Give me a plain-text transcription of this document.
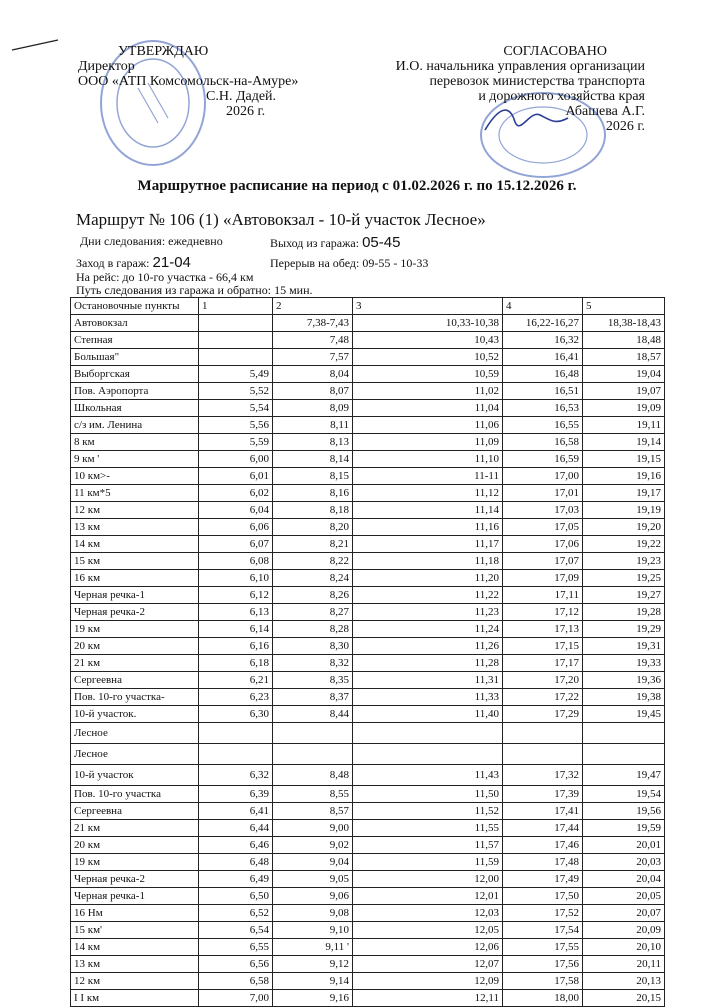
УТВЕРЖДАЮ
Директор
ООО «АТП Комсомольск-на-Амуре»
С.Н. Дадей.
2026 г.
СОГЛАСОВАНО
И.О. начальника управления организации
перевозок министерства транспорта
и дорожного хозяйства края
Абашева А.Г.
2026 г.
Маршрутное расписание на период с 01.02.2026 г. по 15.12.2026 г.
Маршрут № 106 (1) «Автовокзал - 10-й участок Лесное»
Дни следования: ежедневно	Выход из гаража: 05-45
Заход в гараж: 21-04	Перерыв на обед: 09-55 - 10-33
На рейс: до 10-го участка - 66,4 км
Путь следования из гаража и обратно: 15 мин.
Остановочные пункты	1	2	3	4	5
Автовокзал		7,38-7,43	10,33-10,38	16,22-16,27	18,38-18,43
Степная		7,48	10,43	16,32	18,48
Большая"		7,57	10,52	16,41	18,57
Выборгская	5,49	8,04	10,59	16,48	19,04
Пов. Аэропорта	5,52	8,07	11,02	16,51	19,07
Школьная	5,54	8,09	11,04	16,53	19,09
с/з им. Ленина	5,56	8,11	11,06	16,55	19,11
8 км	5,59	8,13	11,09	16,58	19,14
9 км '	6,00	8,14	11,10	16,59	19,15
10 км>-	6,01	8,15	11-11	17,00	19,16
11 км*5	6,02	8,16	11,12	17,01	19,17
12 км	6,04	8,18	11,14	17,03	19,19
13 км	6,06	8,20	11,16	17,05	19,20
14 км	6,07	8,21	11,17	17,06	19,22
15 км	6,08	8,22	11,18	17,07	19,23
16 км	6,10	8,24	11,20	17,09	19,25
Черная речка-1	6,12	8,26	11,22	17,11	19,27
Черная речка-2	6,13	8,27	11,23	17,12	19,28
19 км	6,14	8,28	11,24	17,13	19,29
20 км	6,16	8,30	11,26	17,15	19,31
21 км	6,18	8,32	11,28	17,17	19,33
Сергеевна	6,21	8,35	11,31	17,20	19,36
Пов. 10-го участка-	6,23	8,37	11,33	17,22	19,38
10-й участок.	6,30	8,44	11,40	17,29	19,45
Лесное					
Лесное					
10-й участок	6,32	8,48	11,43	17,32	19,47
Пов. 10-го участка	6,39	8,55	11,50	17,39	19,54
Сергеевна	6,41	8,57	11,52	17,41	19,56
21 км	6,44	9,00	11,55	17,44	19,59
20 км	6,46	9,02	11,57	17,46	20,01
19 км	6,48	9,04	11,59	17,48	20,03
Черная речка-2	6,49	9,05	12,00	17,49	20,04
Черная речка-1	6,50	9,06	12,01	17,50	20,05
16 Нм	6,52	9,08	12,03	17,52	20,07
15 км'	6,54	9,10	12,05	17,54	20,09
14 км	6,55	9,11 '	12,06	17,55	20,10
13 км	6,56	9,12	12,07	17,56	20,11
12 км	6,58	9,14	12,09	17,58	20,13
I I км	7,00	9,16	12,11	18,00	20,15
